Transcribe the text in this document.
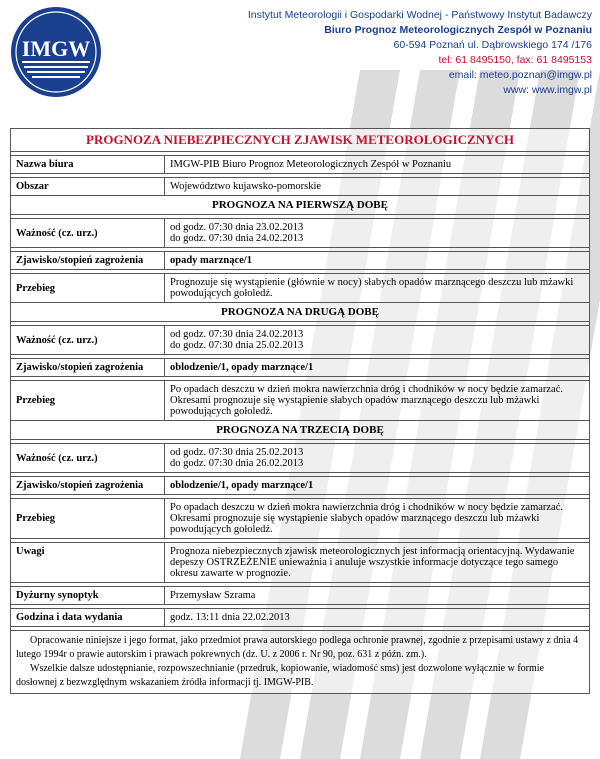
IMGW
Instytut Meteorologii i Gospodarki Wodnej - Państwowy Instytut Badawczy
Biuro Prognoz Meteorologicznych Zespół w Poznaniu
60-594 Poznań ul. Dąbrowskiego 174 /176
tel: 61 8495150, fax: 61 8495153
email: meteo.poznan@imgw.pl
www: www.imgw.pl
PROGNOZA NIEBEZPIECZNYCH ZJAWISK METEOROLOGICZNYCH	

Nazwa biura	IMGW-PIB Biuro Prognoz Meteorologicznych Zespół w Poznaniu

Obszar	Województwo kujawsko-pomorskie
PROGNOZA NA PIERWSZĄ DOBĘ	

Ważność (cz. urz.)	od godz. 07:30 dnia 23.02.2013
do godz. 07:30 dnia 24.02.2013

Zjawisko/stopień zagrożenia	opady marznące/1

Przebieg	Prognozuje się wystąpienie (głównie w nocy) słabych opadów marznącego deszczu lub mżawki
powodujących gołoledź.

PROGNOZA NA DRUGĄ DOBĘ	

Ważność (cz. urz.)	od godz. 07:30 dnia 24.02.2013
do godz. 07:30 dnia 25.02.2013

Zjawisko/stopień zagrożenia	oblodzenie/1, opady marznące/1

Przebieg	Po opadach deszczu w dzień mokra nawierzchnia dróg i chodników w nocy będzie zamarzać.
Okresami prognozuje się wystąpienie słabych opadów marznącego deszczu lub mżawki
powodujących gołoledź.

PROGNOZA NA TRZECIĄ DOBĘ	

Ważność (cz. urz.)	od godz. 07:30 dnia 25.02.2013
do godz. 07:30 dnia 26.02.2013

Zjawisko/stopień zagrożenia	oblodzenie/1, opady marznące/1

Przebieg	Po opadach deszczu w dzień mokra nawierzchnia dróg i chodników w nocy będzie zamarzać.
Okresami prognozuje się wystąpienie słabych opadów marznącego deszczu lub mżawki
powodujących gołoledź.

Uwagi	Prognoza niebezpiecznych zjawisk meteorologicznych jest informacją orientacyjną. Wydawanie
depeszy OSTRZEŻENIE unieważnia i anuluje wszystkie informacje dotyczące tego samego
okresu zawarte w prognozie.

Dyżurny synoptyk	Przemysław Szrama

Godzina i data wydania	godz. 13:11 dnia 22.02.2013

Opracowanie niniejsze i jego format, jako przedmiot prawa autorskiego podlega ochronie prawnej, zgodnie z przepisami ustawy z dnia 4 lutego 1994r o prawie autorskim i prawach pokrewnych (dz. U. z 2006 r. Nr 90, poz. 631 z późn. zm.).
Wszelkie dalsze udostępnianie, rozpowszechnianie (przedruk, kopiowanie, wiadomość sms) jest dozwolone wyłącznie w formie dosłownej z bezwzględnym wskazaniem źródła informacji tj. IMGW-PIB.	
